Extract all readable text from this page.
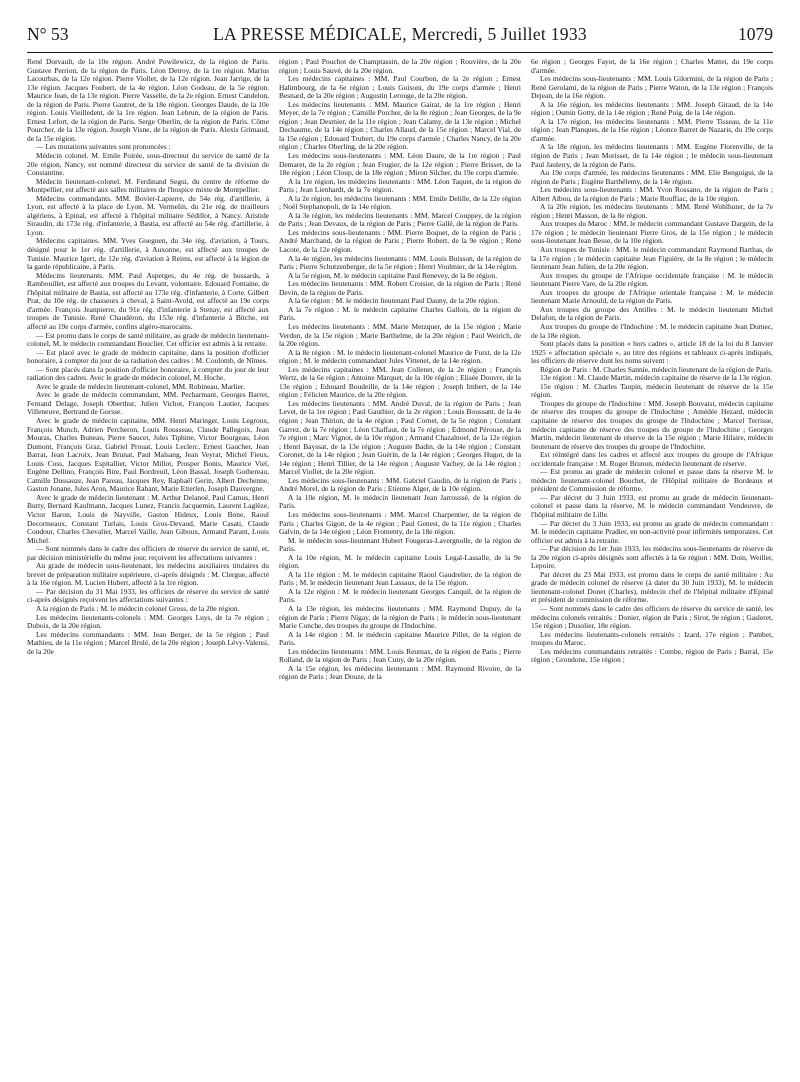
N° 53	LA PRESSE MÉDICALE, Mercredi, 5 Juillet 1933	1079

René Dorvault, de la 10e région. André Powilewicz, de la région de Paris. Gustave Perrion, de la région de Paris. Léon Detroy, de la 1re région. Marius Lacourbas, de la 12e région. Pierre Viollet, de la 12e région. Jean Jarrige, de la 13e région. Jacques Foubert, de la 4e région. Léon Godeau, de la 5e région. Maurice Jean, de la 13e région. Pierre Vasselle, de la 2e région. Ernest Candelon, de la région de Paris. Pierre Gautret, de la 18e région. Georges Daude, de la 10e région. Louis Vieilledent, de la 1re région. Jean Lebrun, de la région de Paris. Ernest Lefort, de la région de Paris. Serge Oberlin, de la région de Paris. Côme Pourcher, de la 13e région. Joseph Visne, de la région de Paris. Alexis Grimaud, de la 15e région.

— Les mutations suivantes sont prononcées :

Médecin colonel. M. Emile Poirée, sous-directeur du service de santé de la 20e région, Nancy, est nommé directeur du service de santé de la division de Constantine.

Médecin lieutenant-colonel. M. Ferdinand Segui, du centre de réforme de Montpellier, est affecté aux salles militaires de l'hospice mixte de Montpellier.

Médecins commandants. MM. Bovier-Lapierre, du 54e rég. d'artillerie, à Lyon, est affecté à la place de Lyon. M. Vermelin, du 21e rég. de tirailleurs algériens, à Epinal, est affecté à l'hôpital militaire Sédillot, à Nancy. Aristide Siraudin, du 173e rég. d'infanterie, à Bastia, est affecté au 54e rég. d'artillerie, à Lyon.

Médecins capitaines. MM. Yves Gueguen, du 34e rég. d'aviation, à Tours, désigné pour le 1er rég. d'artillerie, à Auxonne, est affecté aux troupes de Tunisie. Maurice Igert, du 12e rég. d'aviation à Reims, est affecté à la légion de la garde républicaine, à Paris.

Médecins lieutenants. MM. Paul Asperges, du 4e rég. de hussards, à Rambouillet, est affecté aux troupes du Levant, volontaire. Edouard Fontaine, de l'hôpital militaire de Bastia, est affecté au 173e rég. d'infanterie, à Corte. Gilbert Prat, du 10e rég. de chasseurs à cheval, à Saint-Avold, est affecté au 19e corps d'armée. François Jeanpierre, du 91e rég. d'infanterie à Stenay, est affecté aux troupes de Tunisie. René Chaudéron, du 153e rég. d'infanterie à Bitche, est affecté au 19e corps d'armée, confins algéro-marocains.

— Est promu dans le corps de santé militaire, au grade de médecin lieutenant-colonel, M. le médecin commandant Bouclier. Cet officier est admis à la retraite.

— Est placé avec le grade de médecin capitaine, dans la position d'officier honoraire, à compter du jour de sa radiation des cadres : M. Coulomb, de Nîmes.

— Sont placés dans la position d'officier honoraire, à compter du jour de leur radiation des cadres. Avec le grade de médecin colonel, M. Hoche.

Avec le grade de médecin lieutenant-colonel, MM. Robineau, Marlier.

Avec le grade de médecin commandant, MM. Pecharmant, Georges Barret, Fernand Delage, Joseph Oberthur, Julien Vichot, François Lautier, Jacques Villeneuve, Bertrand de Gorsse.

Avec le grade de médecin capitaine, MM. Henri Maringer, Louis Legroux, François Munch, Adrien Percheron, Louis Rousseau, Claude Pallegoix, Jean Mouras, Charles Buneau, Pierre Saucet, Jules Tiphine, Victor Bourgeau, Léon Dumont, François Graz, Gabriel Prouat, Louis Leclerc, Ernest Gaucher, Jean Barrat, Jean Lacroix, Jean Brunat, Paul Malsang, Jean Veyrat, Michel Fieux, Louis Coss, Jacques Espitallier, Victor Millot, Prosper Bonis, Maurice Viel, Eugène Dellino, François Bire, Paul Bordreuil, Léon Bassal, Joseph Gothereau, Camille Dussauze, Jean Pareau, Jacques Rey, Raphaël Gerin, Albert Dechenne, Gaston Jonane, Jules Aron, Maurice Rabant, Marie Etterlen, Joseph Dauvergne.

Avec le grade de médecin lieutenant : M. Arthur Delanoë, Paul Camus, Henri Burty, Bernard Kaufmann, Jacques Lunez, Francis Jacquemin, Laurent Laglèze, Victor Baron, Louis de Nayville, Gaston Hideux, Louis Bone, Raoul Decormeaux, Constant Turlais, Louis Gros-Devaud, Marie Casati, Claude Coudour, Charles Chevalier, Marcel Vaille, Jean Giboux, Armand Parant, Louis Michel.

— Sont nommés dans le cadre des officiers de réserve du service de santé, et, par décision ministérielle du même jour, reçoivent les affectations suivantes :

Au grade de médecin sous-lieutenant, les médecins auxiliaires titulaires du brevet de préparation militaire supérieure, ci-après désignés : M. Clergue, affecté à la 16e région. M. Lucien Hubert, affecté à la 1re région.

— Par décision du 31 Mai 1933, les officiers de réserve du service de santé ci-après désignés reçoivent les affectations suivantes :

A la région de Paris : M. le médecin colonel Gross, de la 20e région.

Les médecins lieutenants-colonels : MM. Georges Luys, de la 7e région ; Dubois, de la 20e région.

Les médecins commandants : MM. Jean Berger, de la 5e région ; Paul Mathieu, de la 11e région ; Marcel Brulé, de la 20e région ; Joseph Lévy-Valensi, de la 20e

région ; Paul Pouchot de Champtassin, de la 20e région ; Rouvière, de la 20e région ; Louis Sauvé, de la 20e région.

Les médecins capitaines : MM. Paul Courbon, de la 2e région ; Ernest Halimbourg, de la 6e région ; Louis Guisoni, du 19e corps d'armée ; Henri Besnard, de la 20e région ; Augustin Lerouge, de la 20e région.

Les médecins lieutenants : MM. Maurice Gairat, de la 1re région ; Henri Meyer, de la 7e région ; Camille Porcher, de la 8e région ; Jean Georges, de la 9e région ; Jean Desmier, de la 11e région ; Jean Calamy, de la 13e région ; Michel Dechaume, de la 14e région ; Charles Allaud, de la 15e région ; Marcel Vial, de la 15e région ; Edouard Trubert, du 19e corps d'armée ; Charles Nancy, de la 20e région ; Charles Oberling, de la 20e région.

Les médecins sous-lieutenants : MM. Léon Daure, de la 1re région ; Paul Demaret, de la 2e région ; Jean Frugier, de la 12e région ; Pierre Brisset, de la 18e région ; Léon Cloup, de la 18e région ; Miron Silcher, du 19e corps d'armée.

A la 1re région, les médecins lieutenants : MM. Léon Taquet, de la région de Paris ; Jean Lienhardt, de la 7e région.

A la 2e région, les médecins lieutenants : MM. Emile Delille, de la 12e région ; Noël Stephanopoli, de la 14e région.

A la 3e région, les médecins lieutenants : MM. Marcel Couppey, de la région de Paris ; Jean Devaux, de la région de Paris ; Pierre Gallé, de la région de Paris.

Les médecins sous-lieutenants : MM. Pierre Boquet, de la région de Paris ; André Marchand, de la région de Paris ; Pierre Robert, de la 9e région ; René Lacote, de la 12e région.

A la 4e région, les médecins lieutenants : MM. Louis Buisson, de la région de Paris ; Pierre Schutzenberger, de la 5e région ; Henri Voulmier, de la 14e région.

A la 5e région, M. le médecin capitaine Paul Renevey, de la 8e région.

Les médecins lieutenants : MM. Robert Croisier, de la région de Paris ; René Devin, de la région de Paris.

A la 6e région : M. le médecin lieutenant Paul Dauny, de la 20e région.

A la 7e région : M. le médecin capitaine Charles Gallois, de la région de Paris.

Les médecins lieutenants : MM. Marie Metzquer, de la 15e région ; Marie Verdun, de la 15e région ; Marie Barthelme, de la 20e région ; Paul Weirich, de la 20e région.

A la 8e région : M. le médecin lieutenant-colonel Maurice de Furst, de la 12e région ; M. le médecin commandant Jules Vittenet, de la 14e région.

Les médecins capitaines : MM. Jean Collenet, de la 2e région ; François Wertz, de la 6e région ; Antoine Marquet, de la 10e région ; Elisée Douvre, de la 13e région ; Edouard Boudeille, de la 14e région ; Joseph Imbert, de la 14e région ; Félicien Maurice, de la 20e région.

Les médecins lieutenants : MM. André Duval, de la région de Paris ; Jean Levet, de la 1re région ; Paul Gauthier, de la 2e région ; Louis Boussant, de la 4e région ; Jean Thirion, de la 4e région ; Paul Cornet, de la 5e région ; Constant Garrez, de la 7e région ; Léon Chaffaut, de la 7e région ; Edmond Pérouse, de la 7e région ; Marc Vignot, de la 10e région ; Armand Chazalnoel, de la 12e région ; Henri Bayssat, de la 13e région ; Auguste Badin, de la 14e région ; Constant Coronet, de la 14e région ; Jean Guérin, de la 14e région ; Georges Hugot, de la 14e région ; Henri Tillier, de la 14e région ; Auguste Vachey, de la 14e région ; Marcel Viollet, de la 20e région.

Les médecins sous-lieutenants : MM. Gabriel Gaudin, de la région de Paris ; André Morel, de la région de Paris ; Etienne Alger, de la 10e région.

A la 10e région, M. le médecin lieutenant Jean Jarroussé, de la région de Paris.

Les médecins sous-lieutenants : MM. Marcel Charpentier, de la région de Paris ; Charles Gigon, de la 4e région ; Paul Genest, de la 11e région ; Charles Galvin, de la 14e région ; Léon Fromenty, de la 18e région.

M. le médecin sous-lieutenant Hubert Fougeras-Lavergnolle, de la région de Paris.

A la 10e région, M. le médecin capitaine Louis Legal-Lassalle, de la 9e région.

A la 11e région : M. le médecin capitaine Raoul Gaudrelier, de la région de Paris ; M. le médecin lieutenant Jean Lassaux, de la 15e région.

A la 12e région : M. le médecin lieutenant Georges Canquil, de la région de Paris.

A la 13e région, les médecins lieutenants : MM. Raymond Dupuy, de la région de Paris ; Pierre Nigay, de la région de Paris ; le médecin sous-lieutenant Marie Conche, des troupes du groupe de l'Indochine.

A la 14e région : M. le médecin capitaine Maurice Pillet, de la région de Paris.

Les médecins lieutenants : MM. Louis Reumax, de la région de Paris ; Pierre Rolland, de la région de Paris ; Jean Cuny, de la 20e région.

A la 15e région, les médecins lieutenants : MM. Raymond Rivoire, de la région de Paris ; Jean Douze, de la

6e région ; Georges Fayot, de la 16e région ; Charles Mattei, du 19e corps d'armée.

Les médecins sous-lieutenants : MM. Louis Gilormini, de la région de Paris ; René Gerolami, de la région de Paris ; Pierre Waton, de la 13e région ; François Dejean, de la 16e région.

A la 16e région, les médecins lieutenants : MM. Joseph Giraud, de la 14e région ; Osmin Gotty, de la 14e région ; René Puig, de la 14e région.

A la 17e région, les médecins lieutenants : MM. Pierre Tisseau, de la 11e région ; Jean Planques, de la 16e région ; Léonce Barret de Nazaris, du 19e corps d'armée.

A la 18e région, les médecins lieutenants : MM. Eugène Florenville, de la région de Paris ; Jean Morisset, de la 14e région ; le médecin sous-lieutenant Paul Jaulerry, de la région de Paris.

Au 19e corps d'armée, les médecins lieutenants : MM. Elie Benguigui, de la région de Paris ; Eugène Barthélemy, de la 14e région.

Les médecins sous-lieutenants : MM. Yvon Rossano, de la région de Paris ; Albert Albou, de la région de Paris ; Marie Rouffiac, de la 10e région.

A la 20e région, les médecins lieutenants : MM. René Wohlhuter, de la 7e région ; Henri Masson, de la 8e région.

Aux troupes du Maroc : MM. le médecin commandant Gustave Dargein, de la 17e région ; le médecin lieutenant Pierre Gros, de la 15e région ; le médecin sous-lieutenant Jean Besse, de la 10e région.

Aux troupes de Tunisie : MM. le médecin commandant Raymond Barthas, de la 17e région ; le médecin capitaine Jean Figuière, de la 8e région ; le médecin lieutenant Jean Julien, de la 20e région.

Aux troupes du groupe de l'Afrique occidentale française : M. le médecin lieutenant Pierre Vare, de la 20e région.

Aux troupes du groupe de l'Afrique orientale française : M. le médecin lieutenant Marie Arnould, de la région de Paris.

Aux troupes du groupe des Antilles : M. le médecin lieutenant Michel Delafon, de la région de Paris.

Aux troupes du groupe de l'Indochine : M. le médecin capitaine Jean Dumec, de la 18e région.

Sont placés dans la position « hors cadres », article 18 de la loi du 8 Janvier 1925 « affectation spéciale », au titre des régions et tableaux ci-après indiqués, les officiers de réserve dont les noms suivent :

Région de Paris : M. Charles Sannie, médecin lieutenant de la région de Paris.

13e région : M. Claude Martin, médecin capitaine de réserve de la 13e région.

15e région : M. Charles Taupin, médecin lieutenant de réserve de la 15e région.

Troupes du groupe de l'Indochine : MM. Joseph Bouvaist, médecin capitaine de réserve des troupes du groupe de l'Indochine ; Amédée Hezard, médecin capitaine de réserve des troupes du groupe de l'Indochine ; Marcel Terrisse, médecin capitaine de réserve des troupes du groupe de l'Indochine ; Georges Martin, médecin lieutenant de réserve de la 15e région ; Marie Hilaire, médecin lieutenant de réserve des troupes du groupe de l'Indochine.

Est réintégré dans les cadres et affecté aux troupes du groupe de l'Afrique occidentale française : M. Roger Brunon, médecin lieutenant de réserve.

— Est promu au grade de médecin colonel et passe dans la réserve M. le médecin lieutenant-colonel Bouchet, de l'Hôpital militaire de Bordeaux et président de Commission de réforme.

— Par décret du 3 Juin 1933, est promu au grade de médecin lieutenant-colonel et passe dans la réserve, M. le médecin commandant Vendeuvre, de l'hôpital militaire de Lille.

— Par décret du 3 Juin 1933, est promu au grade de médecin commandant : M. le médecin capitaine Pradier, en non-activité pour infirmités temporaires. Cet officier est admis à la retraite.

— Par décision du 1er Juin 1933, les médecins sous-lieutenants de réserve de la 20e région ci-après désignés sont affectés à la 6e région : MM. Doin, Weiller, Lepoire.

Par décret du 23 Mai 1933, est promu dans le corps de santé militaire : Au grade de médecin colonel de réserve (à dater du 30 Juin 1933), M. le médecin lieutenant-colonel Donet (Charles), médecin chef de l'hôpital militaire d'Epinal et président de commission de réforme.

— Sont nommés dans le cadre des officiers de réserve du service de santé, les médecins colonels retraités : Donier, région de Paris ; Sirot, 9e région ; Gasleret, 15e région ; Dusolier, 18e région.

Les médecins lieutenants-colonels retraités : Izard, 17e région ; Pambet, troupes du Maroc.

Les médecins commandants retraités : Combe, région de Paris ; Barral, 15e région ; Grondone, 15e région ;
